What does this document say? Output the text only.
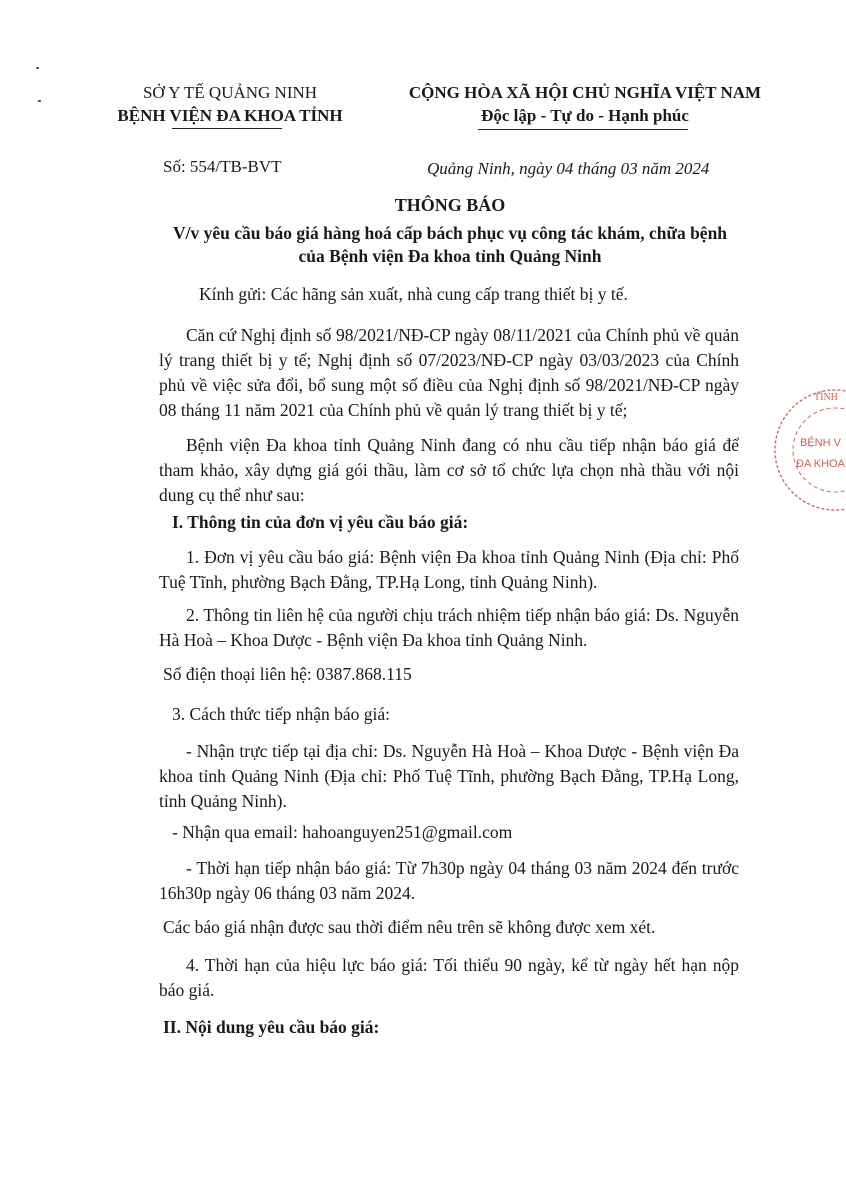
SỞ Y TẾ QUẢNG NINH
BỆNH VIỆN ĐA KHOA TỈNH
CỘNG HÒA XÃ HỘI CHỦ NGHĨA VIỆT NAM
Độc lập - Tự do - Hạnh phúc
Số: 554/TB-BVT	Quảng Ninh, ngày 04 tháng 03 năm 2024
THÔNG BÁO
V/v yêu cầu báo giá hàng hoá cấp bách phục vụ công tác khám, chữa bệnh
của Bệnh viện Đa khoa tỉnh Quảng Ninh
Kính gửi: Các hãng sản xuất, nhà cung cấp trang thiết bị y tế.
Căn cứ Nghị định số 98/2021/NĐ-CP ngày 08/11/2021 của Chính phủ về quản lý trang thiết bị y tế; Nghị định số 07/2023/NĐ-CP ngày 03/03/2023 của Chính phủ về việc sửa đổi, bổ sung một số điều của Nghị định số 98/2021/NĐ-CP ngày 08 tháng 11 năm 2021 của Chính phủ về quản lý trang thiết bị y tế;
Bệnh viện Đa khoa tỉnh Quảng Ninh đang có nhu cầu tiếp nhận báo giá để tham khảo, xây dựng giá gói thầu, làm cơ sở tổ chức lựa chọn nhà thầu với nội dung cụ thể như sau:
I. Thông tin của đơn vị yêu cầu báo giá:
1. Đơn vị yêu cầu báo giá: Bệnh viện Đa khoa tỉnh Quảng Ninh (Địa chỉ: Phố Tuệ Tĩnh, phường Bạch Đằng, TP.Hạ Long, tỉnh Quảng Ninh).
2. Thông tin liên hệ của người chịu trách nhiệm tiếp nhận báo giá: Ds. Nguyễn Hà Hoà – Khoa Dược - Bệnh viện Đa khoa tỉnh Quảng Ninh.
Số điện thoại liên hệ: 0387.868.115
3. Cách thức tiếp nhận báo giá:
- Nhận trực tiếp tại địa chỉ: Ds. Nguyễn Hà Hoà – Khoa Dược - Bệnh viện Đa khoa tỉnh Quảng Ninh (Địa chỉ: Phố Tuệ Tĩnh, phường Bạch Đằng, TP.Hạ Long, tỉnh Quảng Ninh).
- Nhận qua email: hahoanguyen251@gmail.com
- Thời hạn tiếp nhận báo giá: Từ 7h30p ngày 04 tháng 03 năm 2024 đến trước 16h30p ngày 06 tháng 03 năm 2024.
Các báo giá nhận được sau thời điểm nêu trên sẽ không được xem xét.
4. Thời hạn của hiệu lực báo giá: Tối thiểu 90 ngày, kể từ ngày hết hạn nộp báo giá.
II. Nội dung yêu cầu báo giá:
TỈNH
BỆNH V
ĐA KHOA
